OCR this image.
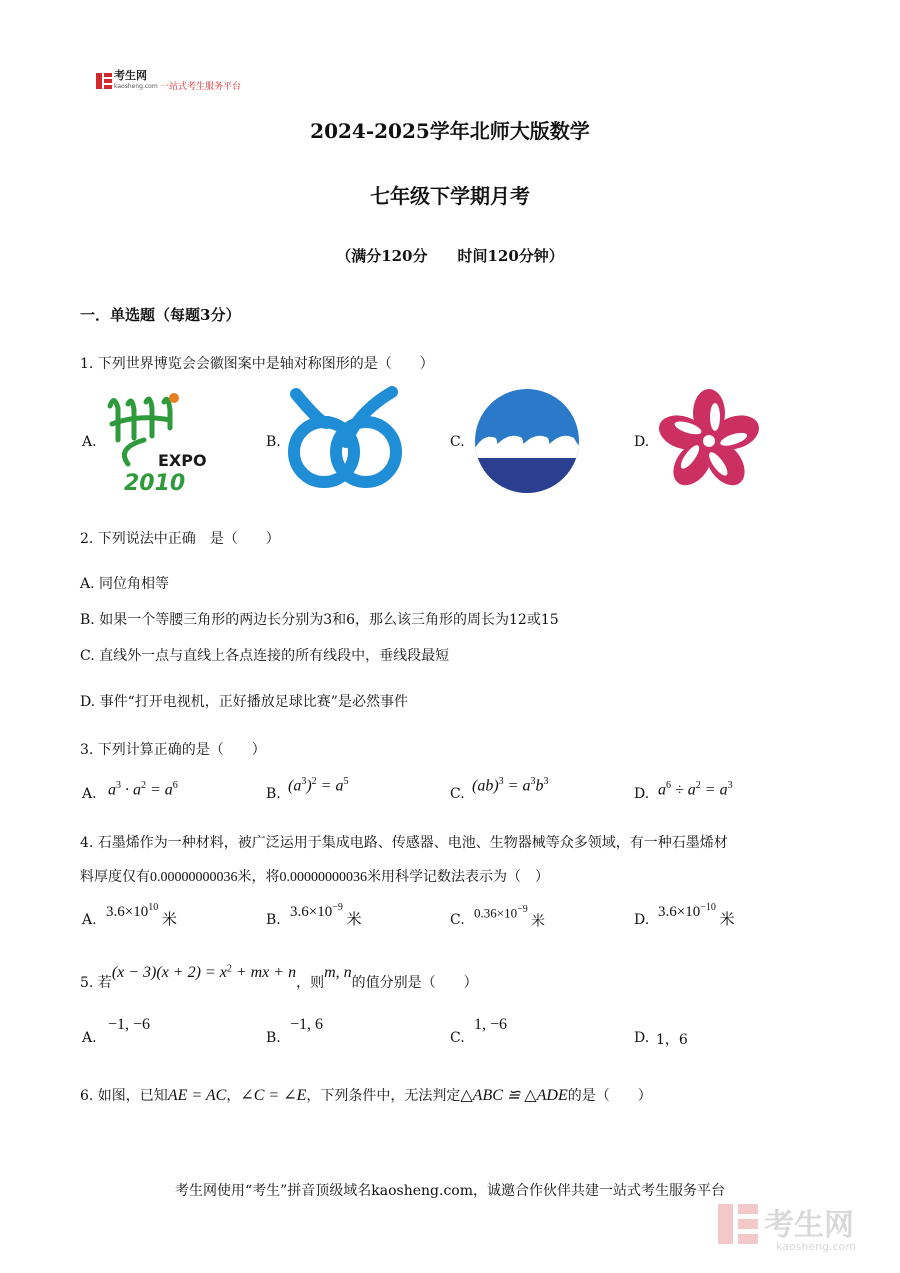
考生网
kaosheng.com 一站式考生服务平台
2024-2025学年北师大版数学
七年级下学期月考
（满分120分　　时间120分钟）
一．单选题（每题3分）
1. 下列世界博览会会徽图案中是轴对称图形的是（　　）
A.
EXPO
2010
B.	C.	D.
2. 下列说法中正确　是（　　）
A. 同位角相等
B. 如果一个等腰三角形的两边长分别为3和6，那么该三角形的周长为12或15
C. 直线外一点与直线上各点连接的所有线段中，垂线段最短
D. 事件“打开电视机，正好播放足球比赛”是必然事件
3. 下列计算正确的是（　　）
A. $a^3 \cdot a^2 = a^6$
B. $(a^3)^2 = a^5$
C. $(ab)^3 = a^3b^3$
D. $a^6 \div a^2 = a^3$
4. 石墨烯作为一种材料，被广泛运用于集成电路、传感器、电池、生物器械等众多领域，有一种石墨烯材
料厚度仅有0.00000000036米，将0.00000000036米用科学记数法表示为（　）
A. $3.6\times 10^{10}$ 米	B. $3.6\times 10^{-9}$ 米	C. $0.36\times 10^{-9}$ 米	D. $3.6\times 10^{-10}$ 米
5. 若$(x - 3)(x + 2) = x^2$ + mx + n，则m, n的值分别是（　　）
A.
−1, −6
B.
−1, 6
C.
1, −6
D. 1，6
6. 如图，已知AE = AC，∠C = ∠E，下列条件中，无法判定△ABC ≌ △ADE的是（　　）
考生网使用“考生”拼音顶级域名kaosheng.com，诚邀合作伙伴共建一站式考生服务平台
考生网
kaosheng.com
